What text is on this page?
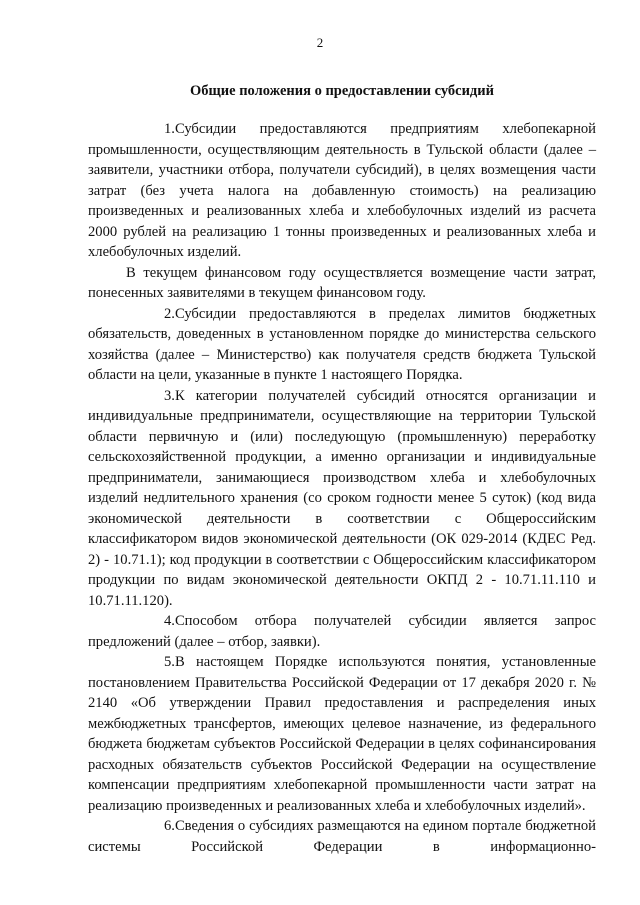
2
Общие положения о предоставлении субсидий

1.Субсидии предоставляются предприятиям хлебопекарной промышленности, осуществляющим деятельность в Тульской области (далее – заявители, участники отбора, получатели субсидий), в целях возмещения части затрат (без учета налога на добавленную стоимость) на реализацию произведенных и реализованных хлеба и хлебобулочных изделий из расчета 2000 рублей на реализацию 1 тонны произведенных и реализованных хлеба и хлебобулочных изделий.

В текущем финансовом году осуществляется возмещение части затрат, понесенных заявителями в текущем финансовом году.

2.Субсидии предоставляются в пределах лимитов бюджетных обязательств, доведенных в установленном порядке до министерства сельского хозяйства (далее – Министерство) как получателя средств бюджета Тульской области на цели, указанные в пункте 1 настоящего Порядка.

3.К категории получателей субсидий относятся организации и индивидуальные предприниматели, осуществляющие на территории Тульской области первичную и (или) последующую (промышленную) переработку сельскохозяйственной продукции, а именно организации и индивидуальные предприниматели, занимающиеся производством хлеба и хлебобулочных изделий недлительного хранения (со сроком годности менее 5 суток) (код вида экономической деятельности в соответствии с Общероссийским классификатором видов экономической деятельности (ОК 029-2014 (КДЕС Ред. 2) - 10.71.1); код продукции в соответствии с Общероссийским классификатором продукции по видам экономической деятельности ОКПД 2 - 10.71.11.110 и 10.71.11.120).

4.Способом отбора получателей субсидии является запрос предложений (далее – отбор, заявки).

5.В настоящем Порядке используются понятия, установленные постановлением Правительства Российской Федерации от 17 декабря 2020 г. № 2140 «Об утверждении Правил предоставления и распределения иных межбюджетных трансфертов, имеющих целевое назначение, из федерального бюджета бюджетам субъектов Российской Федерации в целях софинансирования расходных обязательств субъектов Российской Федерации на осуществление компенсации предприятиям хлебопекарной промышленности части затрат на реализацию произведенных и реализованных хлеба и хлебобулочных изделий».

6.Сведения о субсидиях размещаются на едином портале бюджетной системы Российской Федерации в информационно-
